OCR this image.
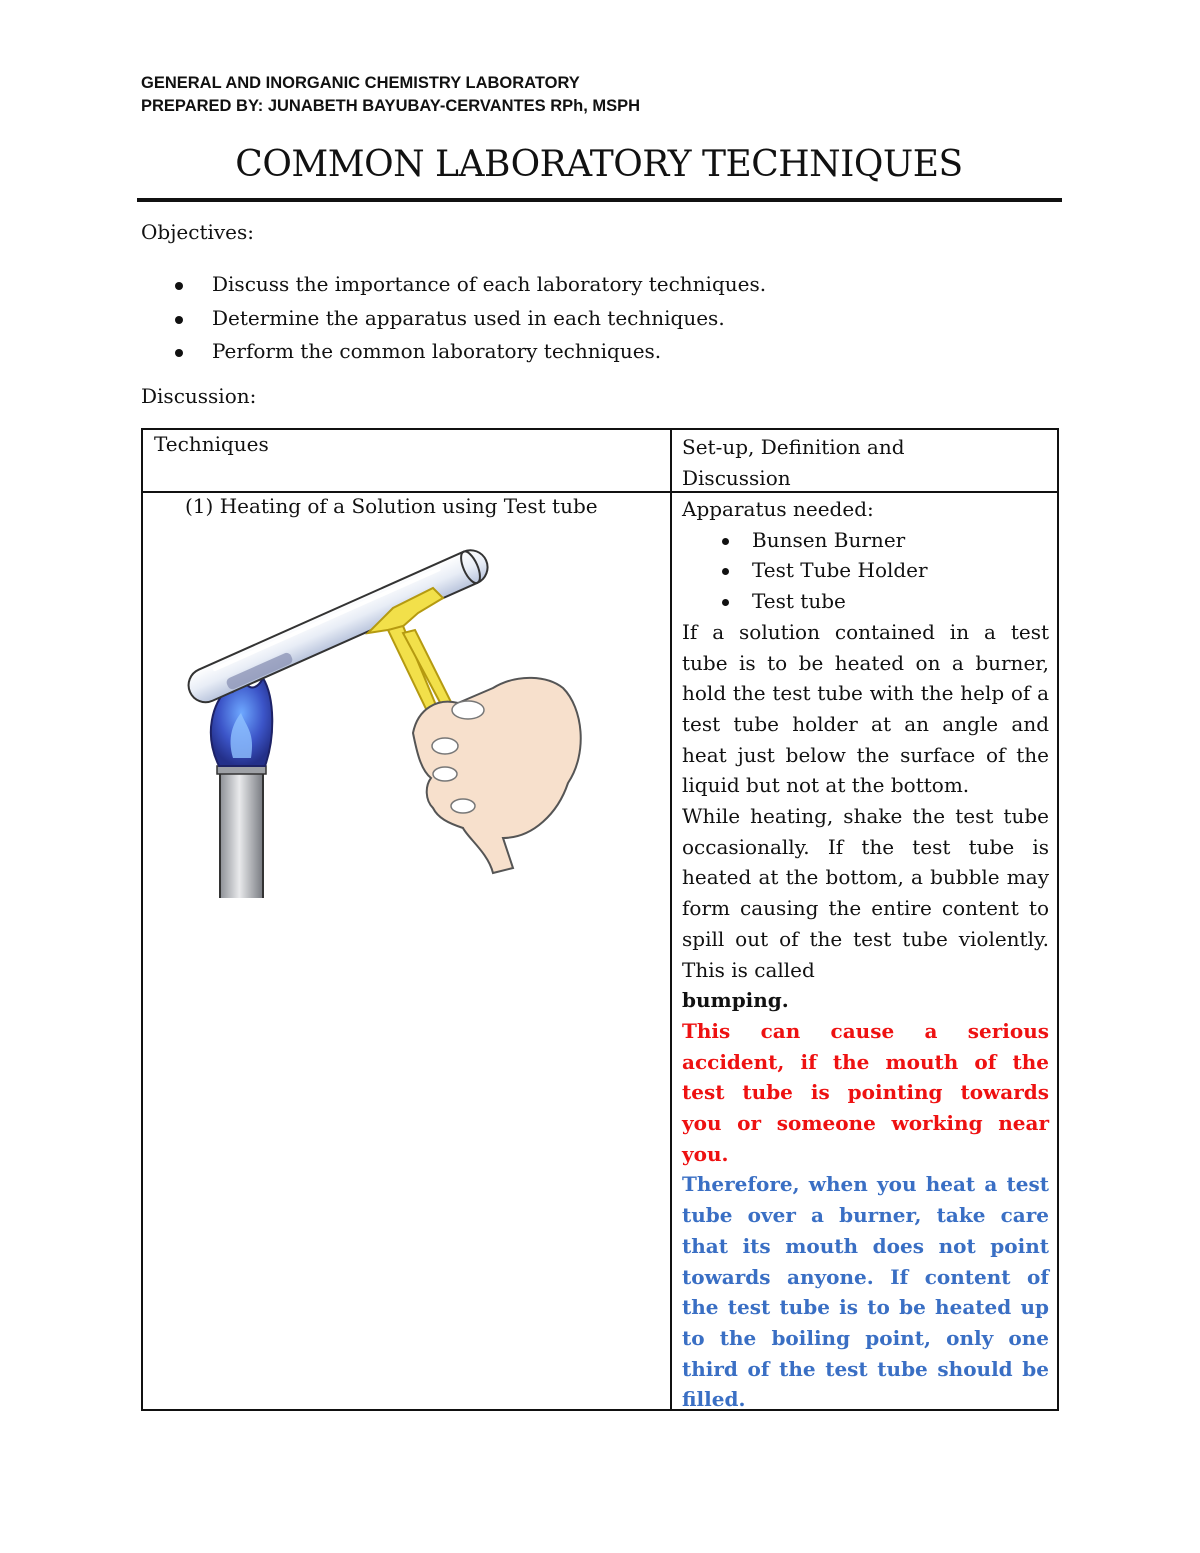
GENERAL AND INORGANIC CHEMISTRY LABORATORY
PREPARED BY: JUNABETH BAYUBAY-CERVANTES RPh, MSPH
COMMON LABORATORY TECHNIQUES
Objectives:
Discuss the importance of each laboratory techniques.
Determine the apparatus used in each techniques.
Perform the common laboratory techniques.
Discussion:
Techniques	Set-up, Definition and Discussion
(1) Heating of a Solution using Test tube	Apparatus needed:

Bunsen Burner
Test Tube Holder
Test tube

If a solution contained in a test tube is to be heated on a burner, hold the test tube with the help of a test tube holder at an angle and heat just below the surface of the liquid but not at the bottom.

While heating, shake the test tube occasionally. If the test tube is heated at the bottom, a bubble may form causing the entire content to spill out of the test tube violently. This is called
bumping.

This can cause a serious accident, if the mouth of the test tube is pointing towards you or someone working near you.

Therefore, when you heat a test tube over a burner, take care that its mouth does not point towards anyone. If content of the test tube is to be heated up to the boiling point, only one third of the test tube should be filled.
